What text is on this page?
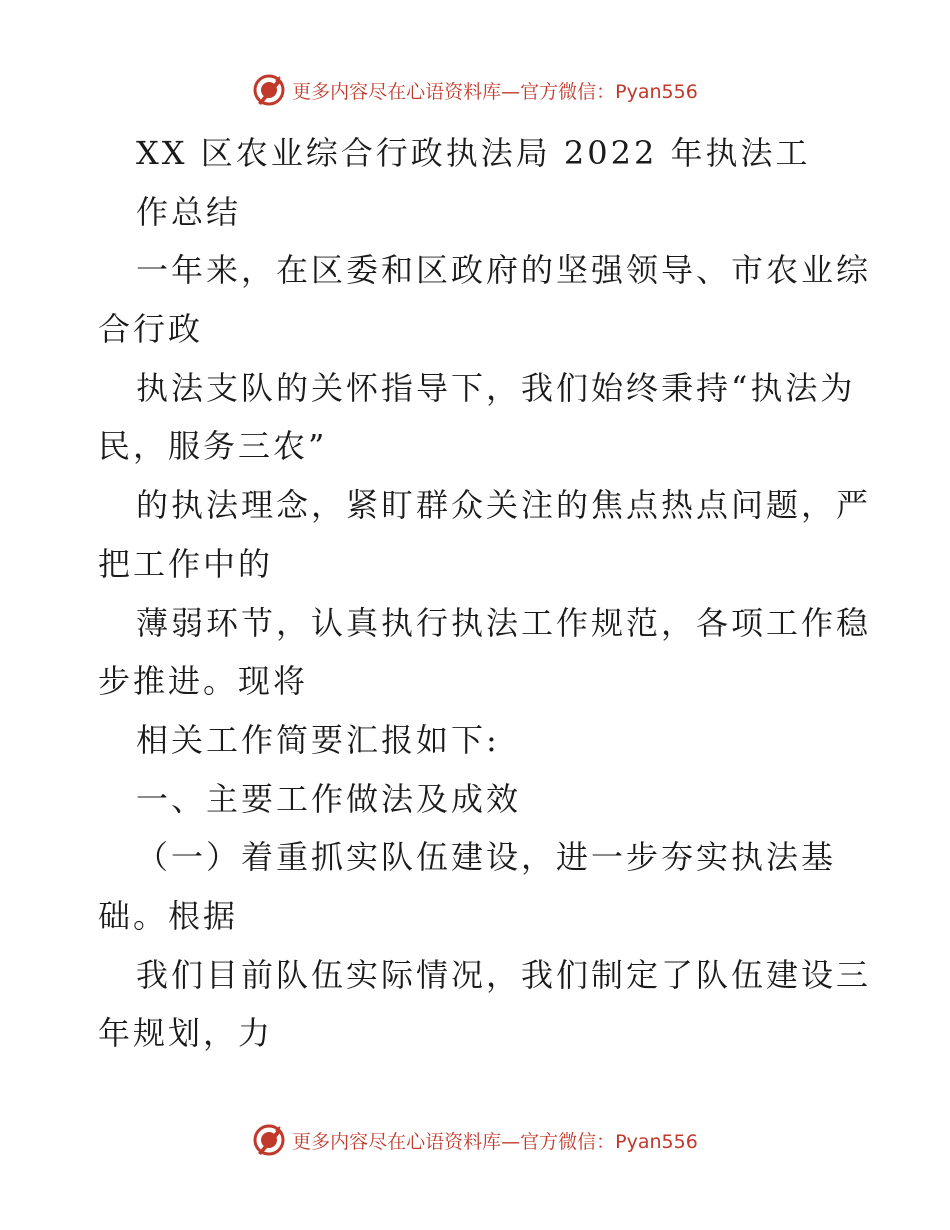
更多内容尽在心语资料库—官方微信：Pyan556
XX 区农业综合行政执法局 2022 年执法工
作总结
一年来，在区委和区政府的坚强领导、市农业综
合行政
执法支队的关怀指导下，我们始终秉持“执法为
民，服务三农”
的执法理念，紧盯群众关注的焦点热点问题，严
把工作中的
薄弱环节，认真执行执法工作规范，各项工作稳
步推进。现将
相关工作简要汇报如下:
一、主要工作做法及成效
（一）着重抓实队伍建设，进一步夯实执法基
础。根据
我们目前队伍实际情况，我们制定了队伍建设三
年规划，力
更多内容尽在心语资料库—官方微信：Pyan556
